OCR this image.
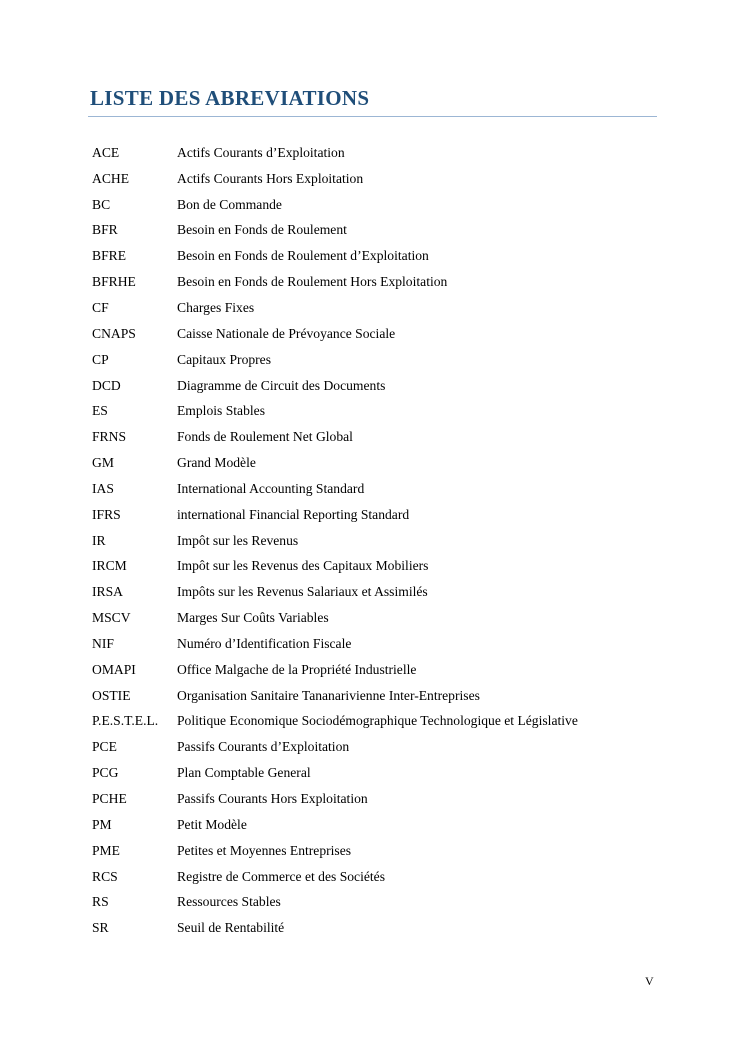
LISTE DES ABREVIATIONS
ACE	Actifs Courants d’Exploitation
ACHE	Actifs Courants Hors Exploitation
BC	Bon de Commande
BFR	Besoin en Fonds de Roulement
BFRE	Besoin en Fonds de Roulement d’Exploitation
BFRHE	Besoin en Fonds de Roulement Hors Exploitation
CF	Charges Fixes
CNAPS	Caisse Nationale de Prévoyance Sociale
CP	Capitaux Propres
DCD	Diagramme de Circuit des Documents
ES	Emplois Stables
FRNS	Fonds de Roulement Net Global
GM	Grand Modèle
IAS	International Accounting Standard
IFRS	international Financial Reporting Standard
IR	Impôt sur les Revenus
IRCM	Impôt sur les Revenus des Capitaux Mobiliers
IRSA	Impôts sur les Revenus Salariaux et Assimilés
MSCV	Marges Sur Coûts Variables
NIF	Numéro d’Identification Fiscale
OMAPI	Office Malgache de la Propriété Industrielle
OSTIE	Organisation Sanitaire Tananarivienne Inter-Entreprises
P.E.S.T.E.L.	Politique Economique Sociodémographique Technologique et Législative
PCE	Passifs Courants d’Exploitation
PCG	Plan Comptable General
PCHE	Passifs Courants Hors Exploitation
PM	Petit Modèle
PME	Petites et Moyennes Entreprises
RCS	Registre de Commerce et des Sociétés
RS	Ressources Stables
SR	Seuil de Rentabilité
V
